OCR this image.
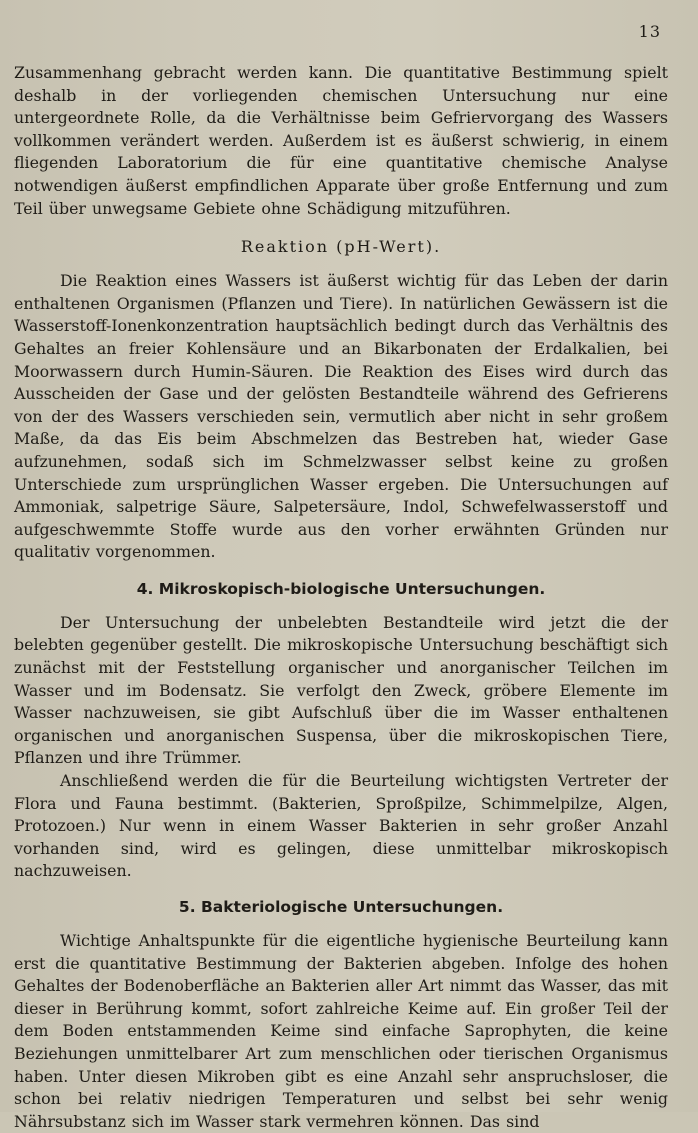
13

Zusammenhang gebracht werden kann. Die quantitative Bestimmung spielt deshalb in der vorliegenden chemischen Untersuchung nur eine untergeordnete Rolle, da die Verhältnisse beim Gefriervorgang des Wassers vollkommen verändert werden. Außerdem ist es äußerst schwierig, in einem fliegenden Laboratorium die für eine quantitative chemische Analyse notwendigen äußerst empfindlichen Apparate über große Entfernung und zum Teil über unwegsame Gebiete ohne Schädigung mitzuführen.

Reaktion (pH-Wert).

Die Reaktion eines Wassers ist äußerst wichtig für das Leben der darin enthaltenen Organismen (Pflanzen und Tiere). In natürlichen Gewässern ist die Wasserstoff-Ionenkonzentration hauptsächlich bedingt durch das Verhältnis des Gehaltes an freier Kohlensäure und an Bikarbonaten der Erdalkalien, bei Moorwassern durch Humin-Säuren. Die Reaktion des Eises wird durch das Ausscheiden der Gase und der gelösten Bestandteile während des Gefrierens von der des Wassers verschieden sein, vermutlich aber nicht in sehr großem Maße, da das Eis beim Abschmelzen das Bestreben hat, wieder Gase aufzunehmen, sodaß sich im Schmelzwasser selbst keine zu großen Unterschiede zum ursprünglichen Wasser ergeben. Die Untersuchungen auf Ammoniak, salpetrige Säure, Salpetersäure, Indol, Schwefelwasserstoff und aufgeschwemmte Stoffe wurde aus den vorher erwähnten Gründen nur qualitativ vorgenommen.

4. Mikroskopisch-biologische Untersuchungen.

Der Untersuchung der unbelebten Bestandteile wird jetzt die der belebten gegenüber gestellt. Die mikroskopische Untersuchung beschäftigt sich zunächst mit der Feststellung organischer und anorganischer Teilchen im Wasser und im Bodensatz. Sie verfolgt den Zweck, gröbere Elemente im Wasser nachzuweisen, sie gibt Aufschluß über die im Wasser enthaltenen organischen und anorganischen Suspensa, über die mikroskopischen Tiere, Pflanzen und ihre Trümmer.

Anschließend werden die für die Beurteilung wichtigsten Vertreter der Flora und Fauna bestimmt. (Bakterien, Sproßpilze, Schimmelpilze, Algen, Protozoen.) Nur wenn in einem Wasser Bakterien in sehr großer Anzahl vorhanden sind, wird es gelingen, diese unmittelbar mikroskopisch nachzuweisen.

5. Bakteriologische Untersuchungen.

Wichtige Anhaltspunkte für die eigentliche hygienische Beurteilung kann erst die quantitative Bestimmung der Bakterien abgeben. Infolge des hohen Gehaltes der Bodenoberfläche an Bakterien aller Art nimmt das Wasser, das mit dieser in Berührung kommt, sofort zahlreiche Keime auf. Ein großer Teil der dem Boden entstammenden Keime sind einfache Saprophyten, die keine Beziehungen unmittelbarer Art zum menschlichen oder tierischen Organismus haben. Unter diesen Mikroben gibt es eine Anzahl sehr anspruchsloser, die schon bei relativ niedrigen Temperaturen und selbst bei sehr wenig Nährsubstanz sich im Wasser stark vermehren können. Das sind
